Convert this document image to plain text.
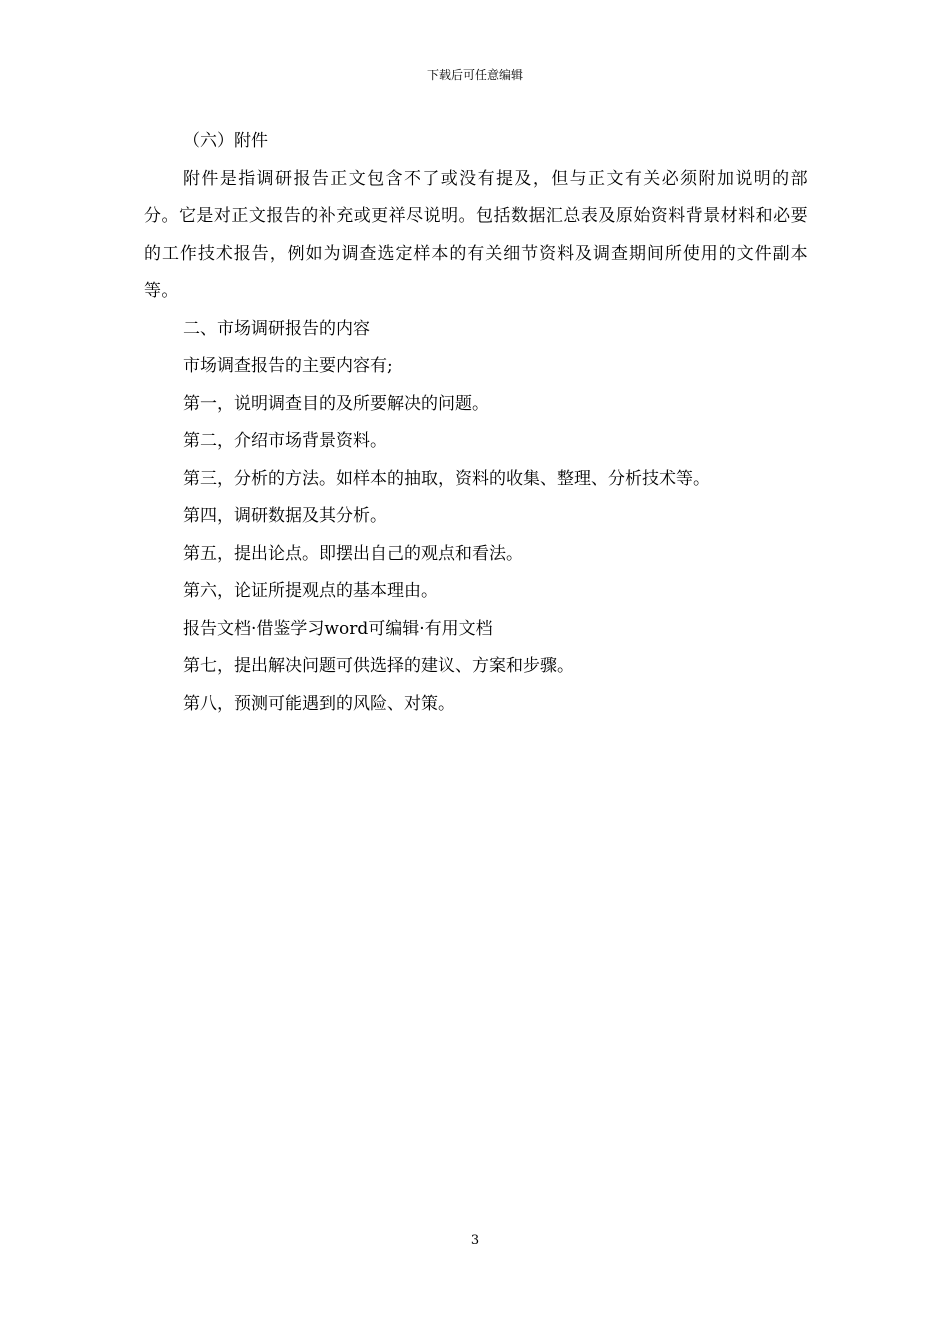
下载后可任意编辑

（六）附件

附件是指调研报告正文包含不了或没有提及，但与正文有关必须附加说明的部分。它是对正文报告的补充或更祥尽说明。包括数据汇总表及原始资料背景材料和必要的工作技术报告，例如为调查选定样本的有关细节资料及调查期间所使用的文件副本等。

二、市场调研报告的内容

市场调查报告的主要内容有;

第一，说明调查目的及所要解决的问题。

第二，介绍市场背景资料。

第三，分析的方法。如样本的抽取，资料的收集、整理、分析技术等。

第四，调研数据及其分析。

第五，提出论点。即摆出自己的观点和看法。

第六，论证所提观点的基本理由。

报告文档·借鉴学习word可编辑·有用文档

第七，提出解决问题可供选择的建议、方案和步骤。

第八，预测可能遇到的风险、对策。

3
